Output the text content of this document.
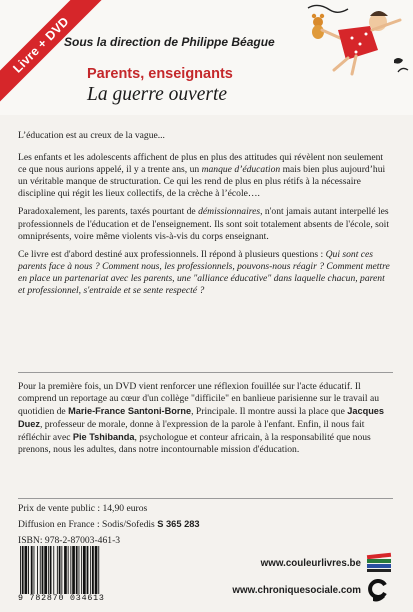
Livre + DVD
Sous la direction de Philippe Béague
Parents, enseignants
La guerre ouverte

L’éducation est au creux de la vague...

Les enfants et les adolescents affichent de plus en plus des attitudes qui révèlent non seulement ce que nous aurions appelé, il y a trente ans, un manque d’éducation mais bien plus aujourd’hui un véritable manque de structuration. Ce qui les rend de plus en plus rétifs à la nécessaire discipline qui régit les lieux collectifs, de la crèche à l’école….

Paradoxalement, les parents, taxés pourtant de démissionnaires, n'ont jamais autant interpellé les professionnels de l'éducation et de l'enseignement. Ils sont soit totalement absents de l'école, soit omniprésents, voire même violents vis-à-vis du corps enseignant.

Ce livre est d'abord destiné aux professionnels. Il répond à plusieurs questions : Qui sont ces parents face à nous ? Comment nous, les professionnels, pouvons-nous réagir ? Comment mettre en place un partenariat avec les parents, une "alliance éducative" dans laquelle chacun, parent et professionnel, s'entraide et se sente respecté ?

Pour la première fois, un DVD vient renforcer une réflexion fouillée sur l'acte éducatif. Il comprend un reportage au cœur d'un collège "difficile" en banlieue parisienne sur le travail au quotidien de Marie-France Santoni-Borne, Principale. Il montre aussi la place que Jacques Duez, professeur de morale, donne à l'expression de la parole à l'enfant. Enfin, il nous fait réfléchir avec Pie Tshibanda, psychologue et conteur africain, à la responsabilité que nous prenons, nous les adultes, dans notre incontournable mission d'éducation.

Prix de vente public : 14,90 euros
Diffusion en France : Sodis/Sofedis S 365 283
ISBN: 978-2-87003-461-3
9 782870 034613
www.couleurlivres.be
www.chroniquesociale.com
